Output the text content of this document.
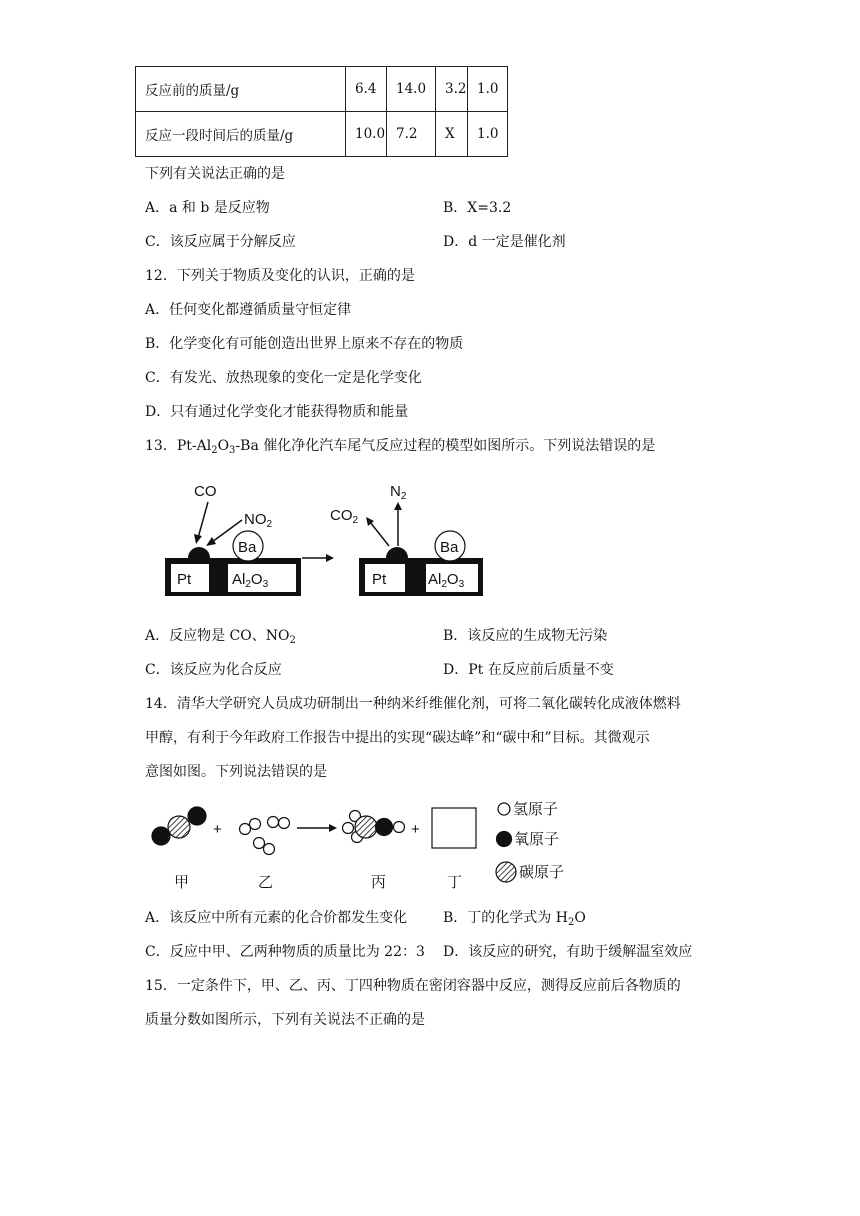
反应前的质量/g	6.4	14.0	3.2	1.0
反应一段时间后的质量/g	10.0	7.2	X	1.0
下列有关说法正确的是
A．a 和 b 是反应物	B．X=3.2
C．该反应属于分解反应	D．d 一定是催化剂
12．下列关于物质及变化的认识，正确的是
A．任何变化都遵循质量守恒定律
B．化学变化有可能创造出世界上原来不存在的物质
C．有发光、放热现象的变化一定是化学变化
D．只有通过化学变化才能获得物质和能量
13．$Pt-Al_2O_3-Ba$ 催化净化汽车尾气反应过程的模型如图所示。下列说法错误的是
Pt	$Al_2O_3$
Ba
CO
$NO_2$
Pt	$Al_2O_3$
Ba
$CO_2$
$N_2$
A．反应物是 CO、$NO_2$	B．该反应的生成物无污染
C．该反应为化合反应	D．Pt 在反应前后质量不变
14．清华大学研究人员成功研制出一种纳米纤维催化剂，可将二氧化碳转化成液体燃料
甲醇，有利于今年政府工作报告中提出的实现“碳达峰”和“碳中和”目标。其微观示
意图如图。下列说法错误的是
+	+
甲	乙	丙	丁
氢原子
氧原子
碳原子
A．该反应中所有元素的化合价都发生变化	B．丁的化学式为 $H_2O$
C．反应中甲、乙两种物质的质量比为 22：3 D．该反应的研究，有助于缓解温室效应
15．一定条件下，甲、乙、丙、丁四种物质在密闭容器中反应，测得反应前后各物质的
质量分数如图所示，下列有关说法不正确的是
